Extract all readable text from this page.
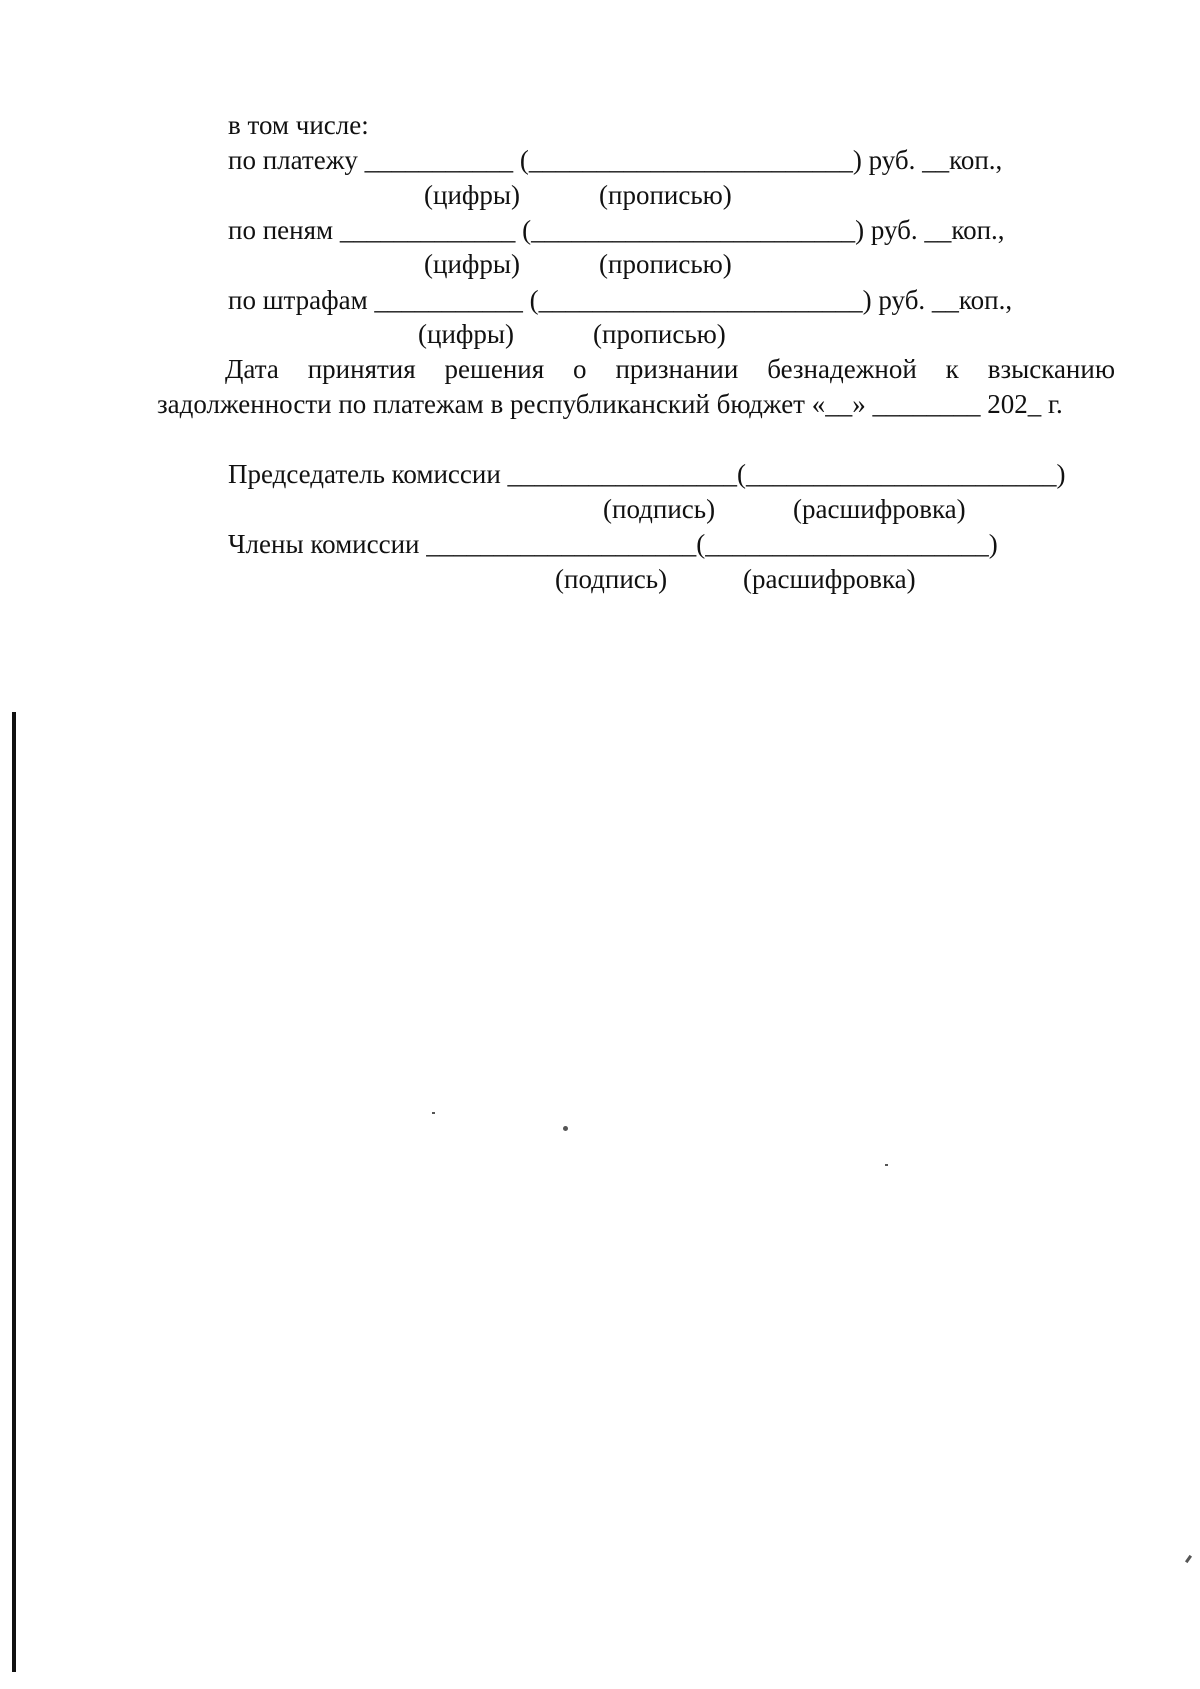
в том числе:
по платежу ___________ (________________________) руб. __коп.,
(цифры)	(прописью)
по пеням _____________ (________________________) руб. __коп.,
(цифры)	(прописью)
по штрафам ___________ (________________________) руб. __коп.,
(цифры)	(прописью)
Дата принятия решения о признании безнадежной к взысканию
задолженности по платежам в республиканский бюджет «__» ________ 202_ г.
Председатель комиссии _________________(_______________________)
(подпись)	(расшифровка)
Члены комиссии ____________________(_____________________)
(подпись)	(расшифровка)
